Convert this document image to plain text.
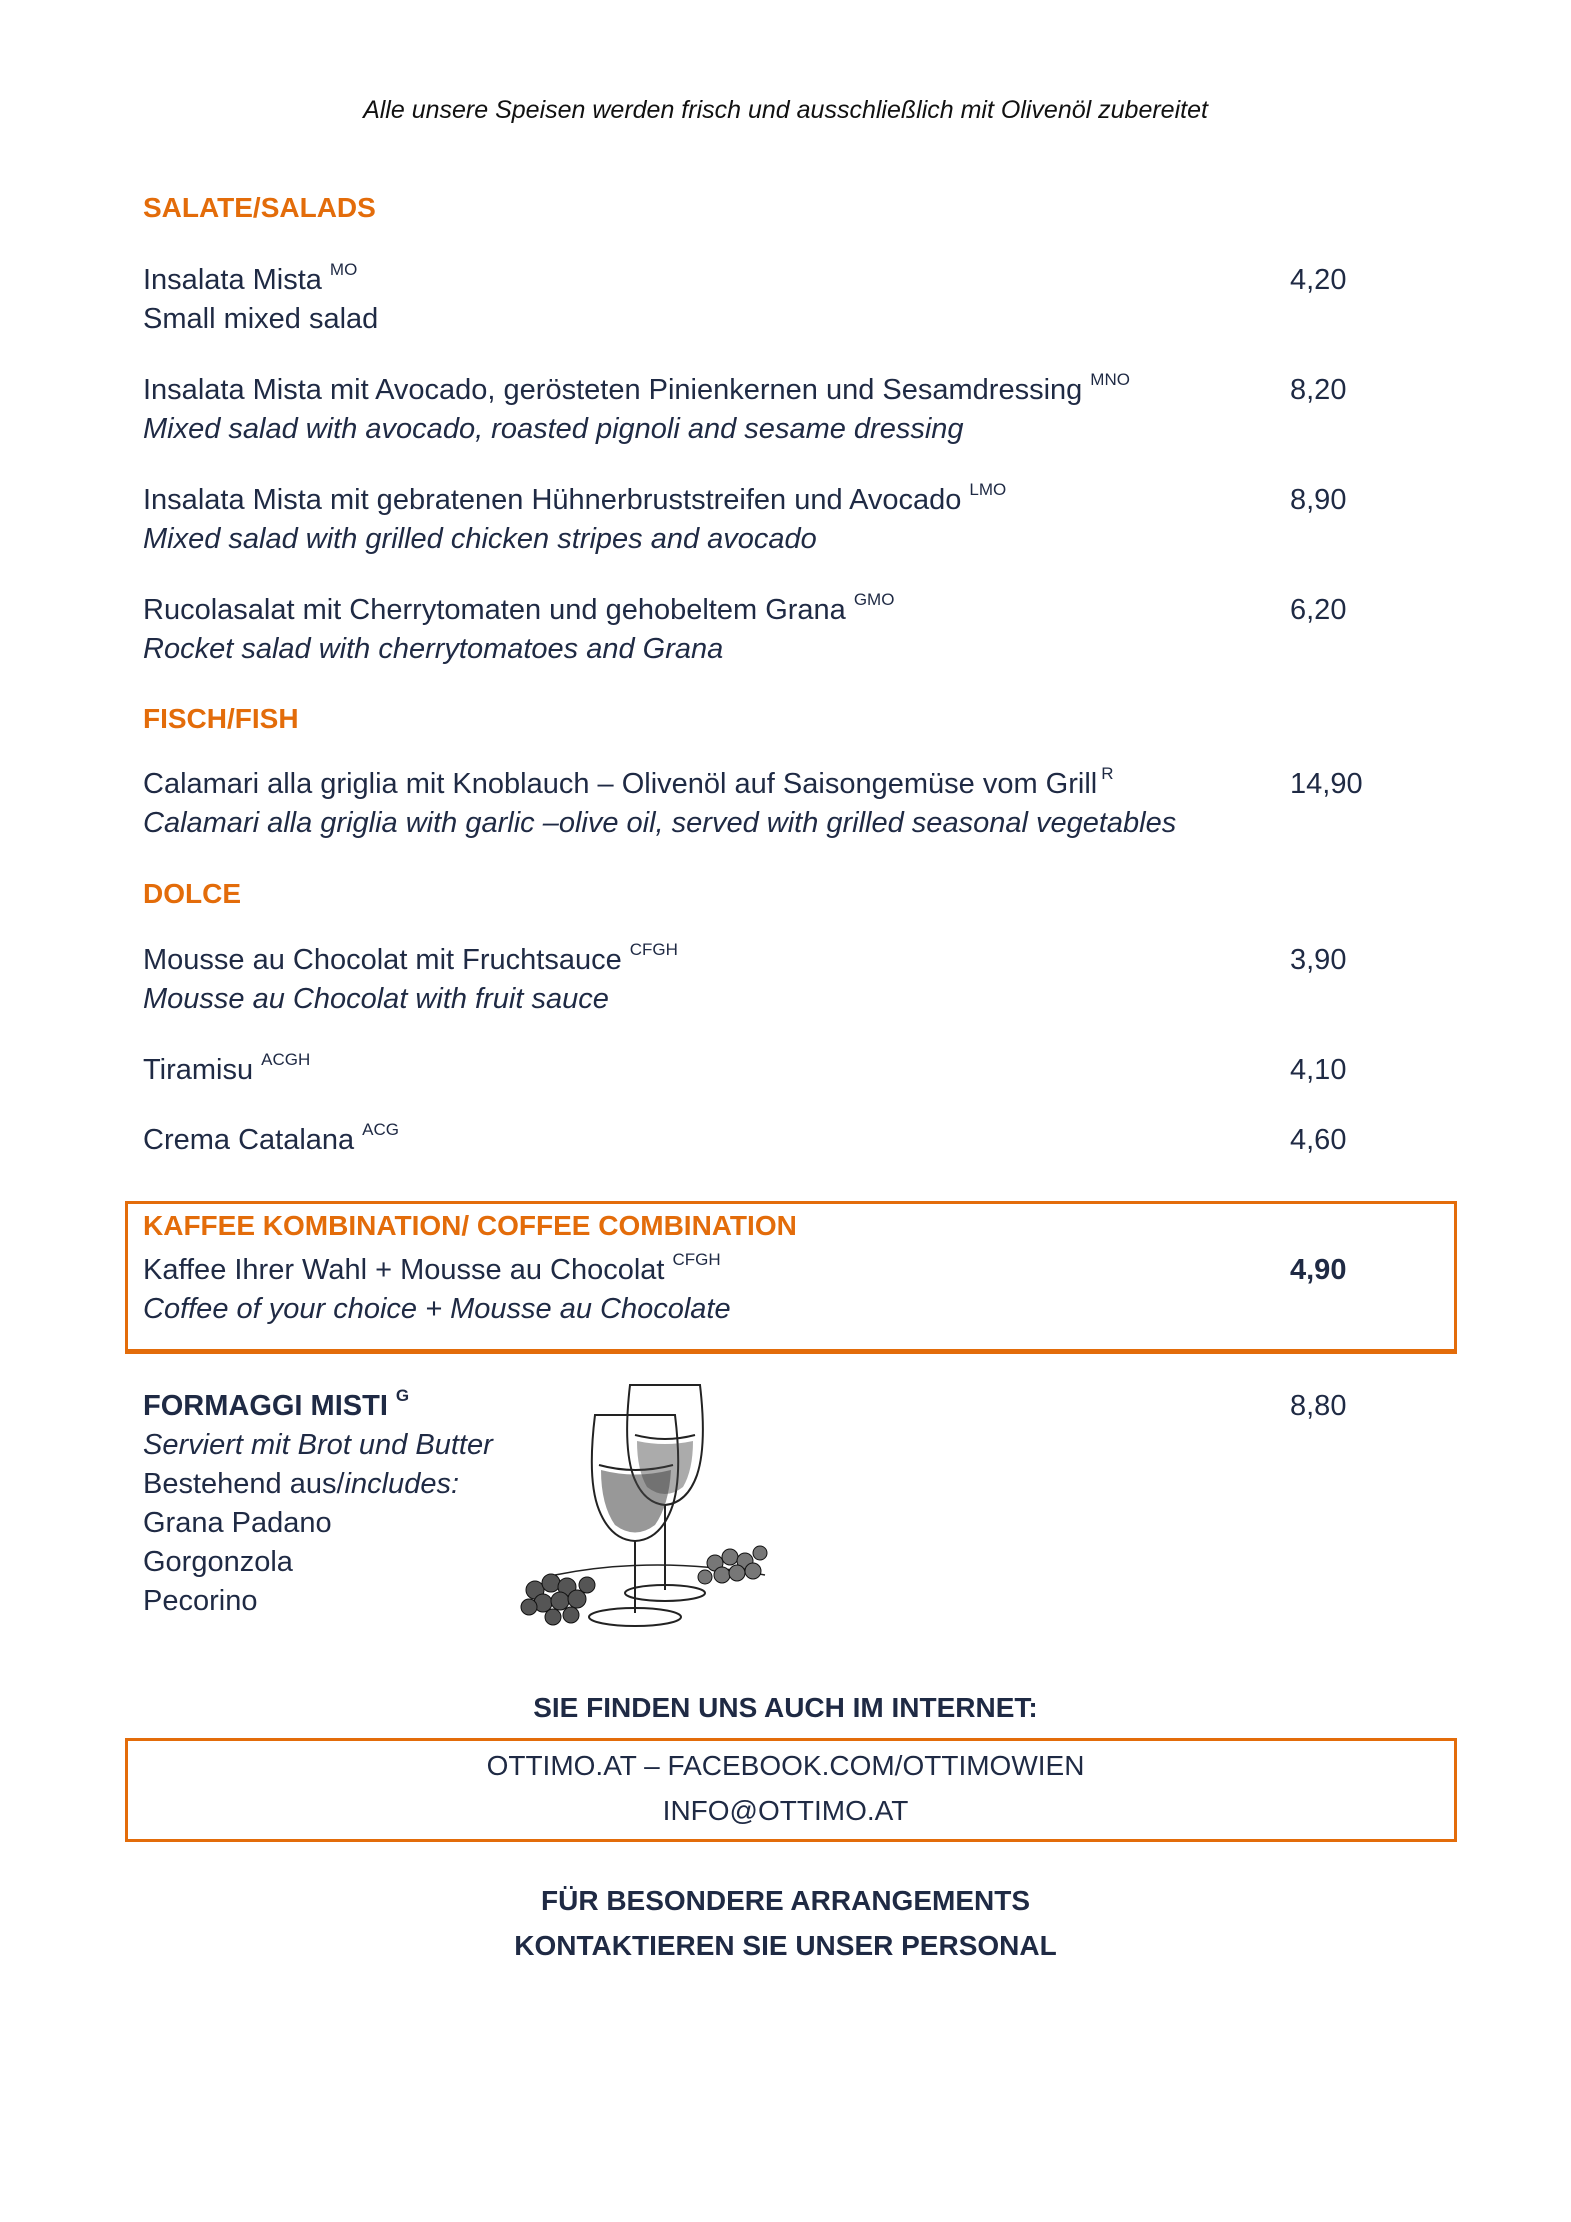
Alle unsere Speisen werden frisch und ausschließlich mit Olivenöl zubereitet
SALATE/SALADS
Insalata Mista $^{MO}$
Small mixed salad
4,20
Insalata Mista mit Avocado, gerösteten Pinienkernen und Sesamdressing $^{MNO}$
Mixed salad with avocado, roasted pignoli and sesame dressing
8,20
Insalata Mista mit gebratenen Hühnerbruststreifen und Avocado $^{LMO}$
Mixed salad with grilled chicken stripes and avocado
8,90
Rucolasalat mit Cherrytomaten und gehobeltem Grana $^{GMO}$
Rocket salad with cherrytomatoes and Grana
6,20
FISCH/FISH
Calamari alla griglia mit Knoblauch – Olivenöl auf Saisongemüse vom Grill $^R$
Calamari alla griglia with garlic –olive oil, served with grilled seasonal vegetables
14,90
DOLCE
Mousse au Chocolat mit Fruchtsauce $^{CFGH}$
Mousse au Chocolat with fruit sauce
3,90
Tiramisu $^{ACGH}$	4,10
Crema Catalana $^{ACG}$	4,60
KAFFEE KOMBINATION/ COFFEE COMBINATION
Kaffee Ihrer Wahl + Mousse au Chocolat $^{CFGH}$
Coffee of your choice + Mousse au Chocolate
4,90
FORMAGGI MISTI $^G$
Serviert mit Brot und Butter
Bestehend aus/includes:
Grana Padano
Gorgonzola
Pecorino
8,80
SIE FINDEN UNS AUCH IM INTERNET:
OTTIMO.AT – FACEBOOK.COM/OTTIMOWIEN
INFO@OTTIMO.AT
FÜR BESONDERE ARRANGEMENTS
KONTAKTIEREN SIE UNSER PERSONAL
